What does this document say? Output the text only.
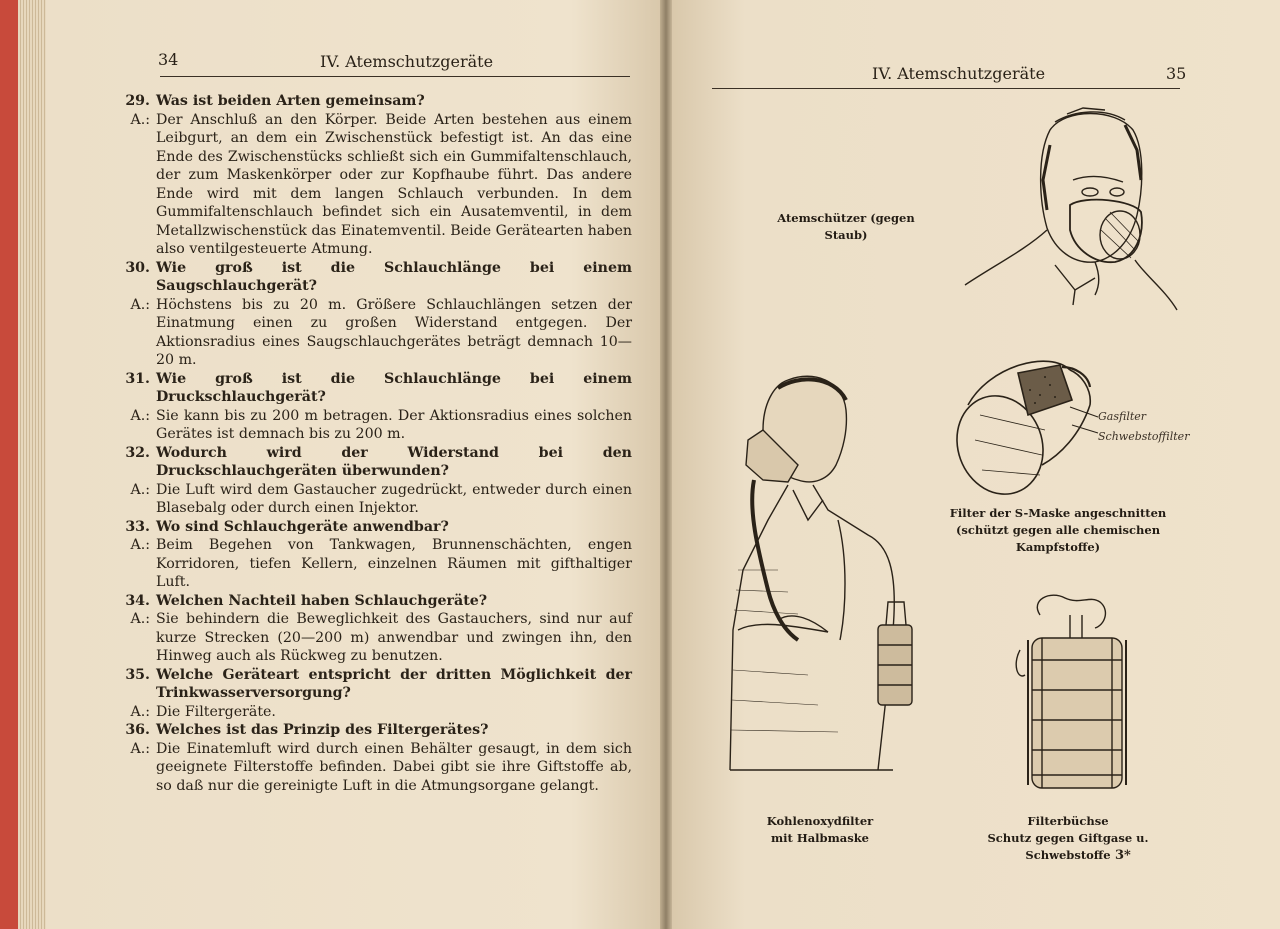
34	IV. Atemschutzgeräte
29. Was ist beiden Arten gemeinsam?
A.: Der Anschluß an den Körper. Beide Arten bestehen aus einem Leibgurt, an dem ein Zwischenstück befestigt ist. An das eine Ende des Zwischenstücks schließt sich ein Gummifaltenschlauch, der zum Maskenkörper oder zur Kopfhaube führt. Das andere Ende wird mit dem langen Schlauch verbunden. In dem Gummifaltenschlauch befindet sich ein Ausatemventil, in dem Metallzwischenstück das Einatemventil. Beide Gerätearten haben also ventilgesteuerte Atmung.
30. Wie groß ist die Schlauchlänge bei einem Saugschlauchgerät?
A.: Höchstens bis zu 20 m. Größere Schlauchlängen setzen der Einatmung einen zu großen Widerstand entgegen. Der Aktionsradius eines Saugschlauchgerätes beträgt demnach 10—20 m.
31. Wie groß ist die Schlauchlänge bei einem Druckschlauchgerät?
A.: Sie kann bis zu 200 m betragen. Der Aktionsradius eines solchen Gerätes ist demnach bis zu 200 m.
32. Wodurch wird der Widerstand bei den Druckschlauchgeräten überwunden?
A.: Die Luft wird dem Gastaucher zugedrückt, entweder durch einen Blasebalg oder durch einen Injektor.
33. Wo sind Schlauchgeräte anwendbar?
A.: Beim Begehen von Tankwagen, Brunnenschächten, engen Korridoren, tiefen Kellern, einzelnen Räumen mit gifthaltiger Luft.
34. Welchen Nachteil haben Schlauchgeräte?
A.: Sie behindern die Beweglichkeit des Gastauchers, sind nur auf kurze Strecken (20—200 m) anwendbar und zwingen ihn, den Hinweg auch als Rückweg zu benutzen.
35. Welche Geräteart entspricht der dritten Möglichkeit der Trinkwasserversorgung?
A.: Die Filtergeräte.
36. Welches ist das Prinzip des Filtergerätes?
A.: Die Einatemluft wird durch einen Behälter gesaugt, in dem sich geeignete Filterstoffe befinden. Dabei gibt sie ihre Giftstoffe ab, so daß nur die gereinigte Luft in die Atmungsorgane gelangt.
IV. Atemschutzgeräte	35
Atemschützer (gegen Staub)
Gasfilter
Schwebstoffilter
Filter der S-Maske angeschnitten
(schützt gegen alle chemischen Kampfstoffe)
Kohlenoxydfilter
mit Halbmaske
Filterbüchse
Schutz gegen Giftgase u. Schwebstoffe 3*
